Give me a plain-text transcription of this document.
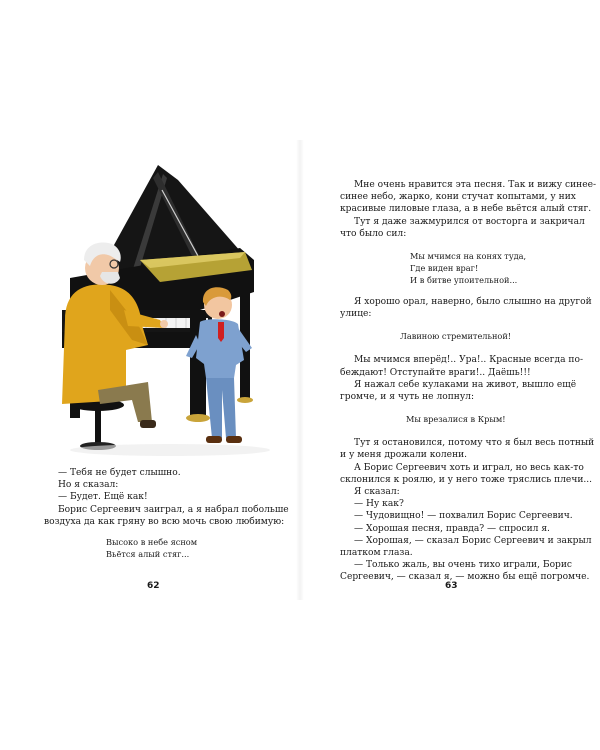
— Тебя не будет слышно.
Но я сказал:
— Будет. Ещё как!
Борис Сергеевич заиграл, а я набрал побольше
воздуха да как гряну во всю мочь свою любимую:
Высоко в небе ясном
Вьётся алый стяг...
62
Мне очень нравится эта песня. Так и вижу синее-
синее небо, жарко, кони стучат копытами, у них
красивые лиловые глаза, а в небе вьётся алый стяг.
Тут я даже зажмурился от восторга и закричал
что было сил:
Мы мчимся на конях туда,
Где виден враг!
И в битве упоительной...
Я хорошо орал, наверно, было слышно на другой
улице:
Лавиною стремительной!
Мы мчимся вперёд!.. Ура!.. Красные всегда по-
беждают! Отступайте враги!.. Даёшь!!!
Я нажал себе кулаками на живот, вышло ещё
громче, и я чуть не лопнул:
Мы врезалися в Крым!
Тут я остановился, потому что я был весь потный
и у меня дрожали колени.
А Борис Сергеевич хоть и играл, но весь как-то
склонился к роялю, и у него тоже тряслись плечи...
Я сказал:
— Ну как?
— Чудовищно! — похвалил Борис Сергеевич.
— Хорошая песня, правда? — спросил я.
— Хорошая, — сказал Борис Сергеевич и закрыл
платком глаза.
— Только жаль, вы очень тихо играли, Борис
Сергеевич, — сказал я, — можно бы ещё погромче.
63
